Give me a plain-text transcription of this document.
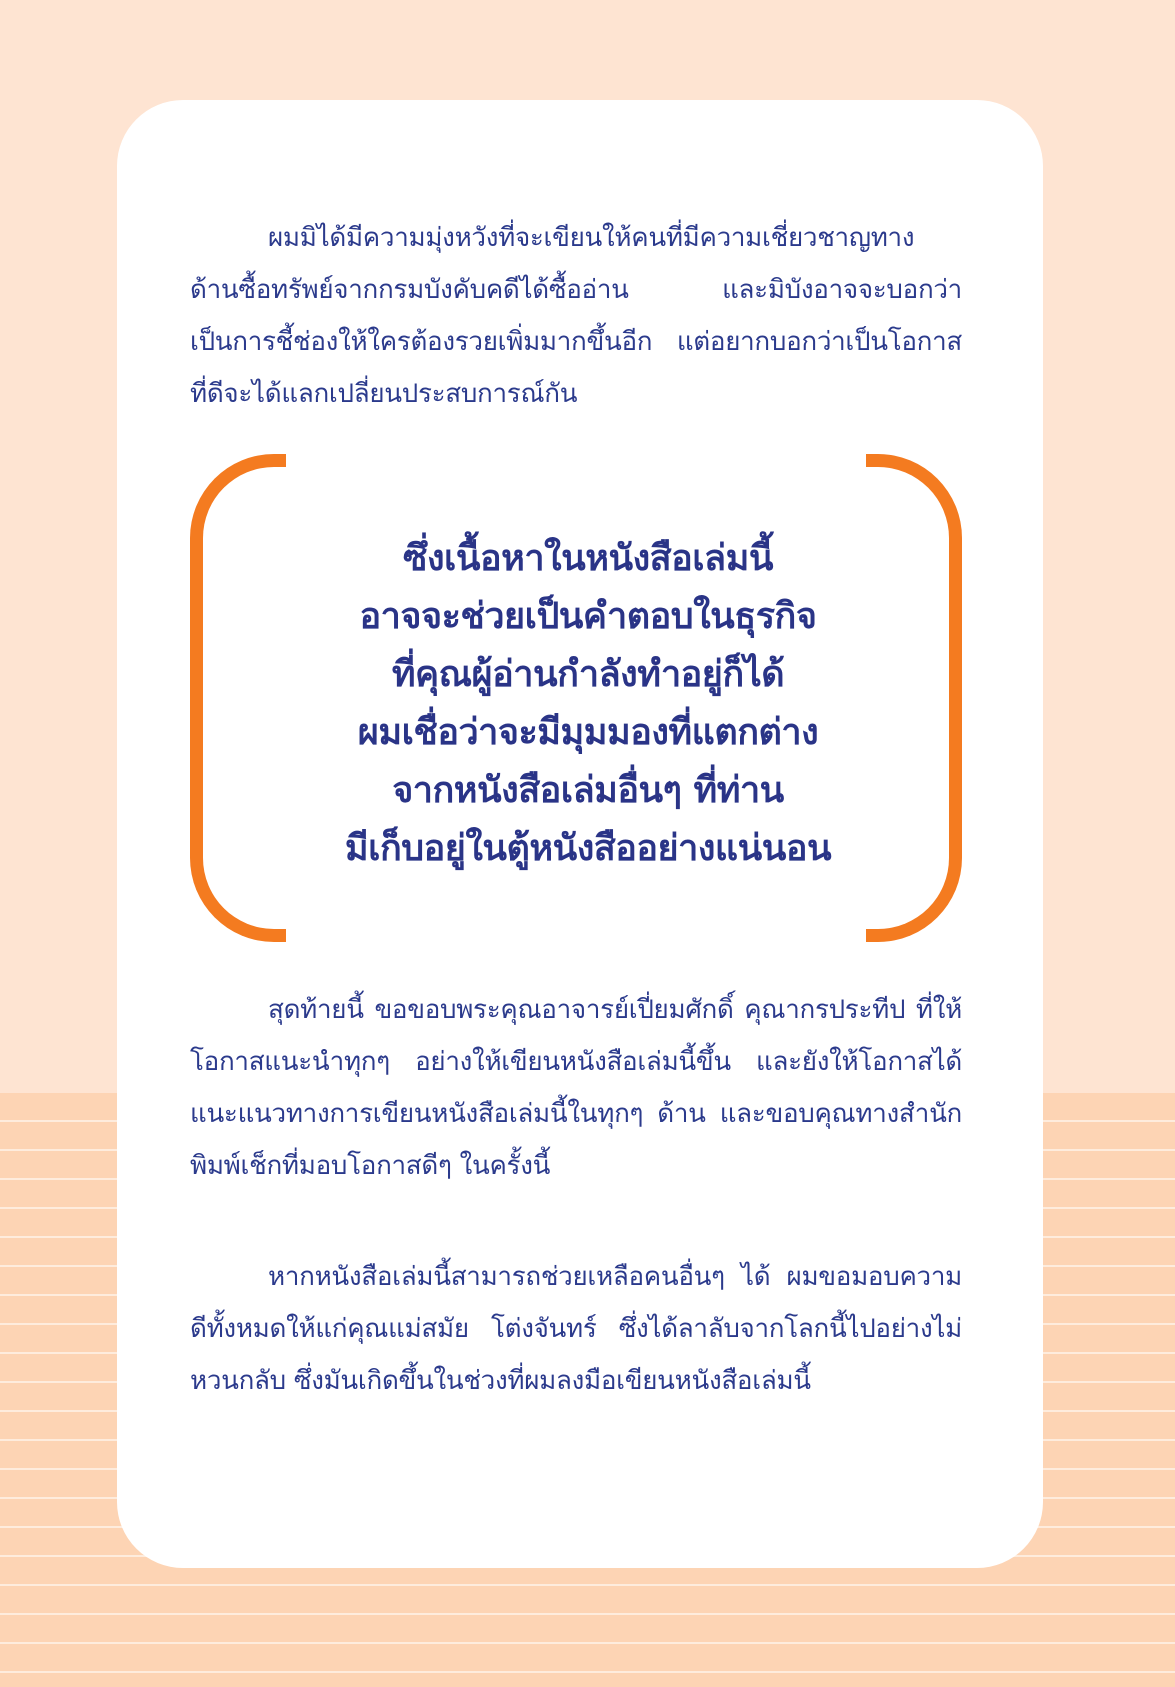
ผมมิได้มีความมุ่งหวังที่จะเขียนให้คนที่มีความเชี่ยวชาญทางด้านซื้อทรัพย์จากกรมบังคับคดีได้ซื้ออ่าน และมิบังอาจจะบอกว่าเป็นการชี้ช่องให้ใครต้องรวยเพิ่มมากขึ้นอีก แต่อยากบอกว่าเป็นโอกาสที่ดีจะได้แลกเปลี่ยนประสบการณ์กัน

ซึ่งเนื้อหาในหนังสือเล่มนี้
อาจจะช่วยเป็นคำตอบในธุรกิจ
ที่คุณผู้อ่านกำลังทำอยู่ก็ได้
ผมเชื่อว่าจะมีมุมมองที่แตกต่าง
จากหนังสือเล่มอื่นๆ ที่ท่าน
มีเก็บอยู่ในตู้หนังสืออย่างแน่นอน

สุดท้ายนี้ ขอขอบพระคุณอาจารย์เปี่ยมศักดิ์ คุณากรประทีป ที่ให้โอกาสแนะนำทุกๆ อย่างให้เขียนหนังสือเล่มนี้ขึ้น และยังให้โอกาสได้แนะแนวทางการเขียนหนังสือเล่มนี้ในทุกๆ ด้าน และขอบคุณทางสำนักพิมพ์เช็กที่มอบโอกาสดีๆ ในครั้งนี้

หากหนังสือเล่มนี้สามารถช่วยเหลือคนอื่นๆ ได้ ผมขอมอบความดีทั้งหมดให้แก่คุณแม่สมัย โต่งจันทร์ ซึ่งได้ลาลับจากโลกนี้ไปอย่างไม่หวนกลับ ซึ่งมันเกิดขึ้นในช่วงที่ผมลงมือเขียนหนังสือเล่มนี้
